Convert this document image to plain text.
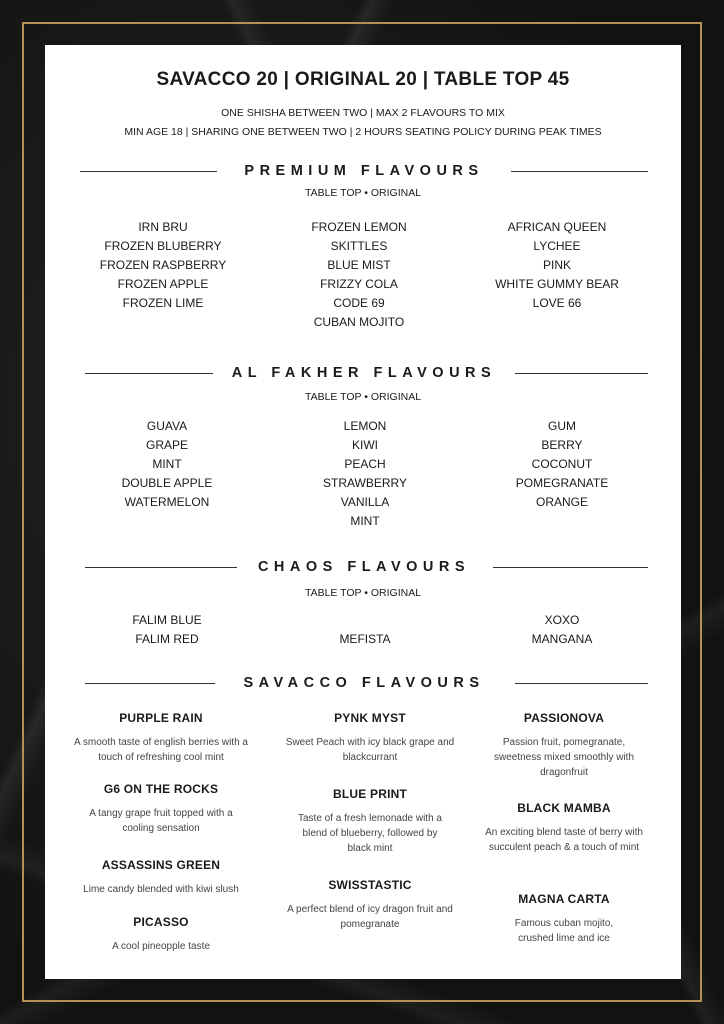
SAVACCO 20 | ORIGINAL 20 | TABLE TOP 45
ONE SHISHA BETWEEN TWO | MAX 2 FLAVOURS TO MIX
MIN AGE 18 | SHARING ONE BETWEEN TWO | 2 HOURS SEATING POLICY DURING PEAK TIMES
PREMIUM FLAVOURS
TABLE TOP • ORIGINAL
IRN BRU
FROZEN BLUBERRY
FROZEN RASPBERRY
FROZEN APPLE
FROZEN LIME
FROZEN LEMON
SKITTLES
BLUE MIST
FRIZZY COLA
CODE 69
CUBAN MOJITO
AFRICAN QUEEN
LYCHEE
PINK
WHITE GUMMY BEAR
LOVE 66
AL FAKHER FLAVOURS
TABLE TOP • ORIGINAL
GUAVA
GRAPE
MINT
DOUBLE APPLE
WATERMELON
LEMON
KIWI
PEACH
STRAWBERRY
VANILLA
MINT
GUM
BERRY
COCONUT
POMEGRANATE
ORANGE
CHAOS FLAVOURS
TABLE TOP • ORIGINAL
FALIM BLUE
FALIM RED	MEFISTA
XOXO
MANGANA
SAVACCO FLAVOURS
PURPLE RAIN
A smooth taste of english berries with a touch of refreshing cool mint
G6 ON THE ROCKS
A tangy grape fruit topped with a cooling sensation
ASSASSINS GREEN
Lime candy blended with kiwi slush
PICASSO
A cool pineopple taste
PYNK MYST
Sweet Peach with icy black grape and blackcurrant
BLUE PRINT
Taste of a fresh lemonade with a blend of blueberry, followed by black mint
SWISSTASTIC
A perfect blend of icy dragon fruit and pomegranate
PASSIONOVA
Passion fruit, pomegranate, sweetness mixed smoothly with dragonfruit
BLACK MAMBA
An exciting blend taste of berry with succulent peach & a touch of mint
MAGNA CARTA
Famous cuban mojito, crushed lime and ice
